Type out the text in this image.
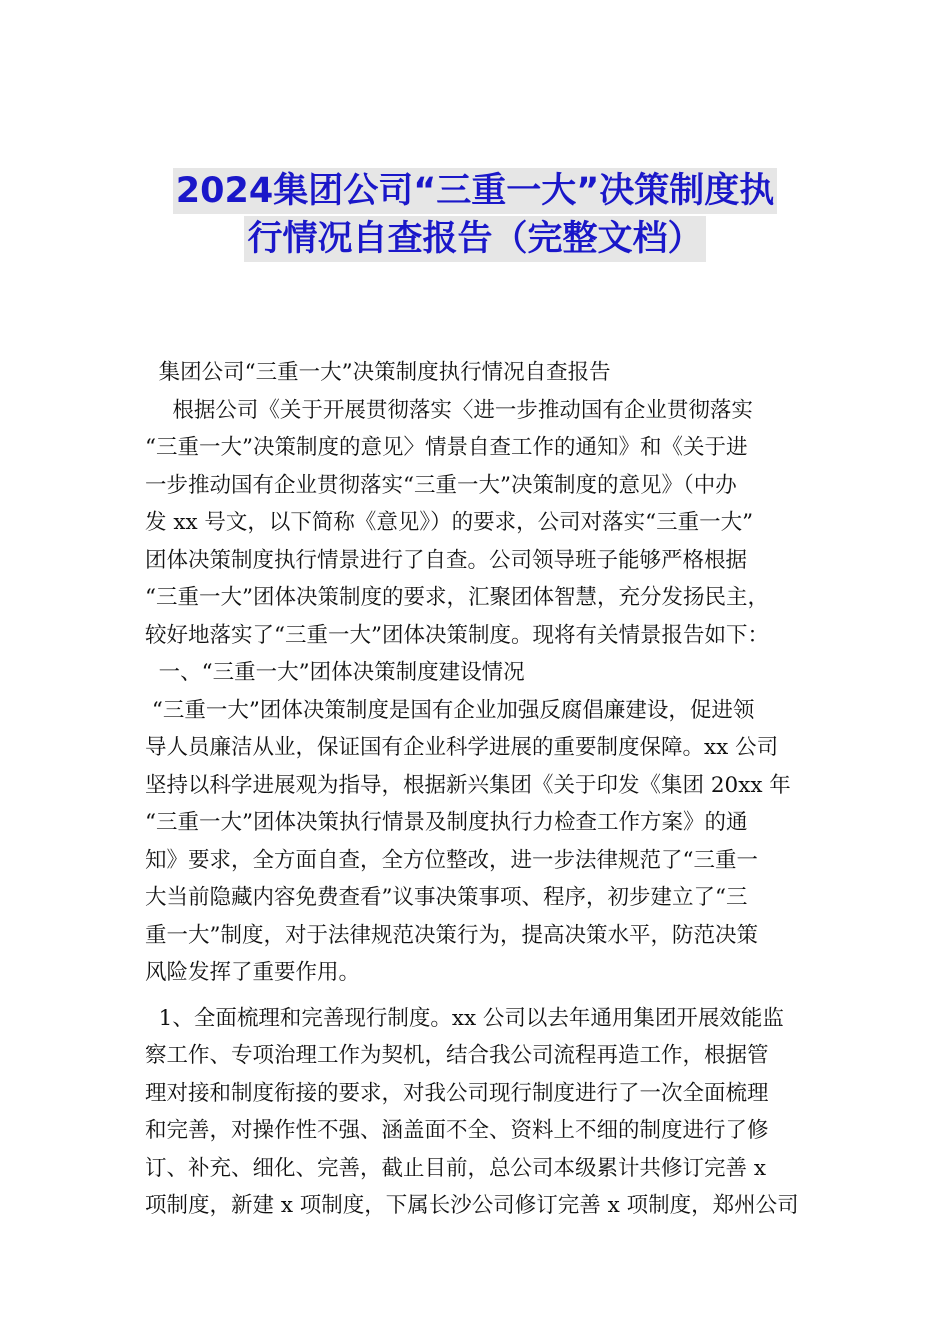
2024集团公司“三重一大”决策制度执
行情况自查报告（完整文档）
集团公司“三重一大”决策制度执行情况自查报告
根据公司《关于开展贯彻落实〈进一步推动国有企业贯彻落实
“三重一大”决策制度的意见〉情景自查工作的通知》和《关于进
一步推动国有企业贯彻落实“三重一大”决策制度的意见》（中办
发 xx 号文，以下简称《意见》）的要求，公司对落实“三重一大”
团体决策制度执行情景进行了自查。公司领导班子能够严格根据
“三重一大”团体决策制度的要求，汇聚团体智慧，充分发扬民主，
较好地落实了“三重一大”团体决策制度。现将有关情景报告如下：
一、“三重一大”团体决策制度建设情况
“三重一大”团体决策制度是国有企业加强反腐倡廉建设，促进领
导人员廉洁从业，保证国有企业科学进展的重要制度保障。xx 公司
坚持以科学进展观为指导，根据新兴集团《关于印发《集团 20xx 年
“三重一大”团体决策执行情景及制度执行力检查工作方案》的通
知》要求，全方面自查，全方位整改，进一步法律规范了“三重一
大当前隐藏内容免费查看”议事决策事项、程序，初步建立了“三
重一大”制度，对于法律规范决策行为，提高决策水平，防范决策
风险发挥了重要作用。
1、全面梳理和完善现行制度。xx 公司以去年通用集团开展效能监
察工作、专项治理工作为契机，结合我公司流程再造工作，根据管
理对接和制度衔接的要求，对我公司现行制度进行了一次全面梳理
和完善，对操作性不强、涵盖面不全、资料上不细的制度进行了修
订、补充、细化、完善，截止目前，总公司本级累计共修订完善 x
项制度，新建 x 项制度，下属长沙公司修订完善 x 项制度，郑州公司
